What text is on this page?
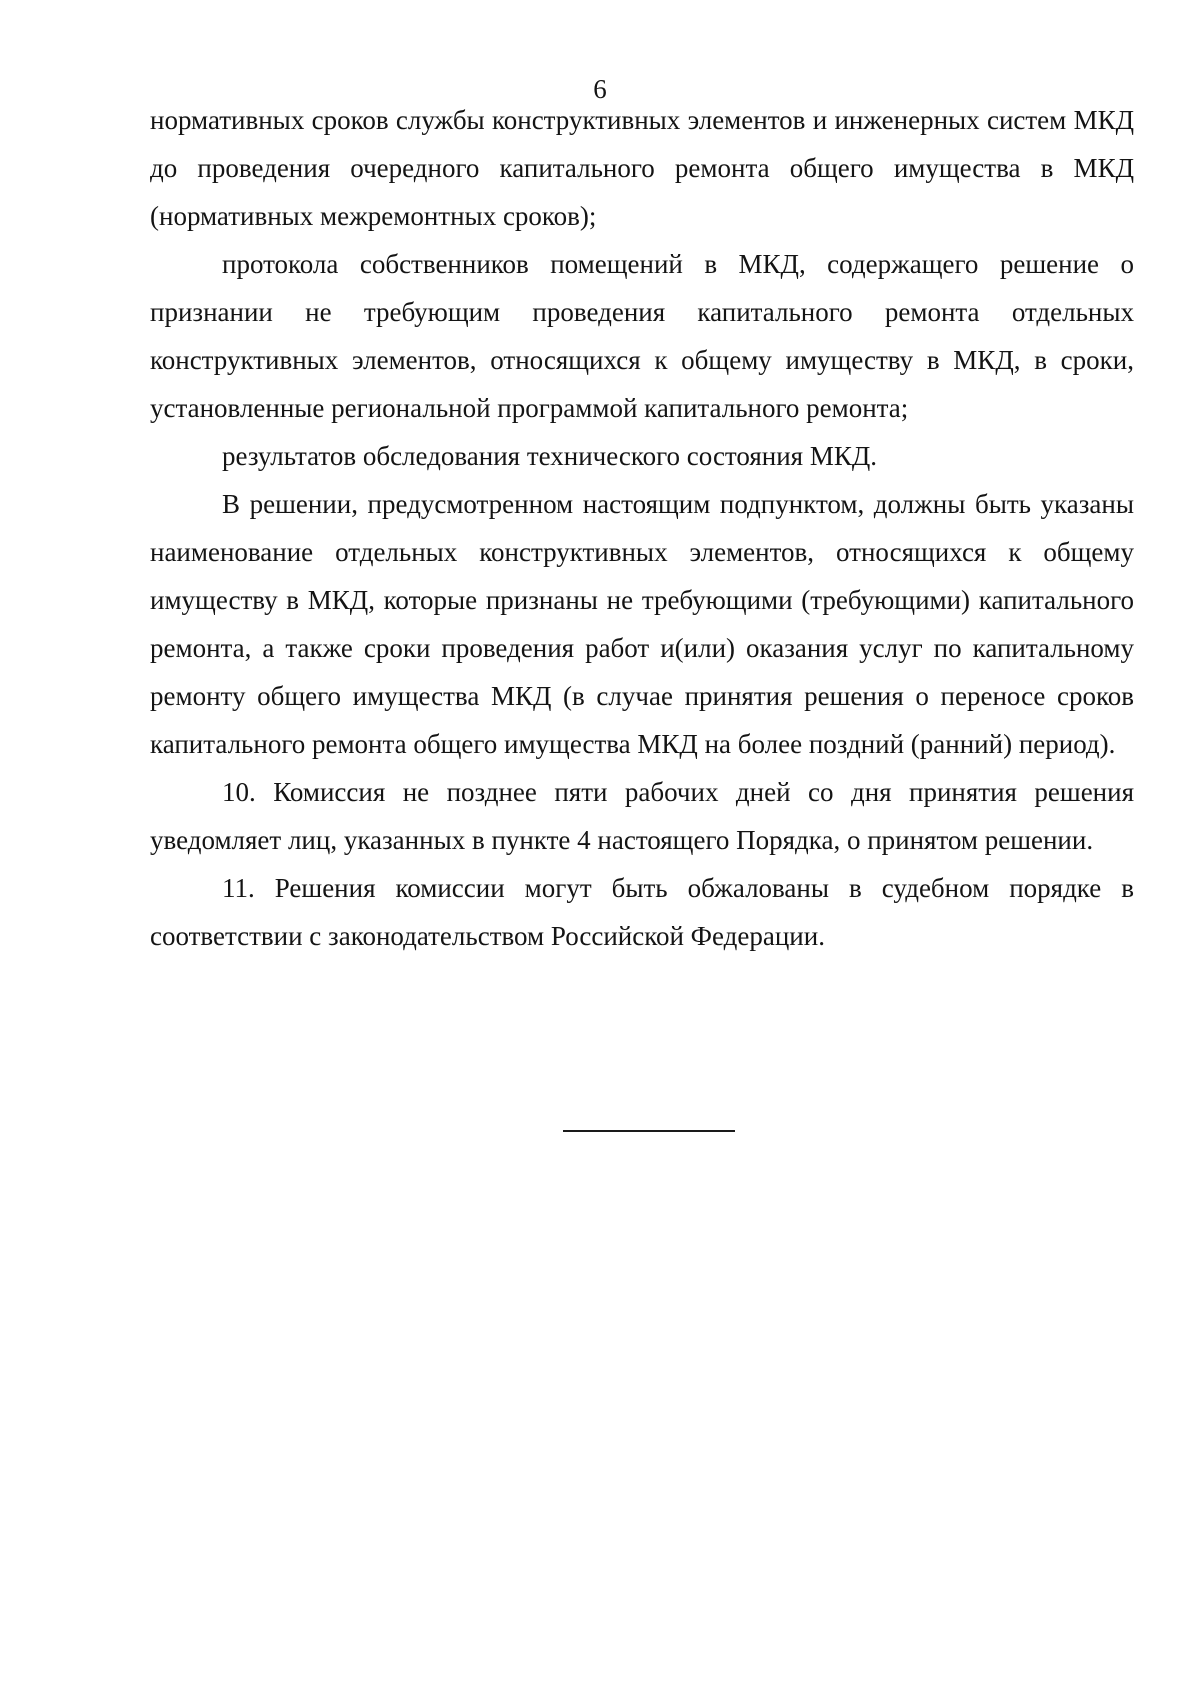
6

нормативных сроков службы конструктивных элементов и инженерных систем МКД до проведения очередного капитального ремонта общего имущества в МКД (нормативных межремонтных сроков);

протокола собственников помещений в МКД, содержащего решение о признании не требующим проведения капитального ремонта отдельных конструктивных элементов, относящихся к общему имуществу в МКД, в сроки, установленные региональной программой капитального ремонта;

результатов обследования технического состояния МКД.

В решении, предусмотренном настоящим подпунктом, должны быть указаны наименование отдельных конструктивных элементов, относящихся к общему имуществу в МКД, которые признаны не требующими (требующими) капитального ремонта, а также сроки проведения работ и(или) оказания услуг по капитальному ремонту общего имущества МКД (в случае принятия решения о переносе сроков капитального ремонта общего имущества МКД на более поздний (ранний) период).

10. Комиссия не позднее пяти рабочих дней со дня принятия решения уведомляет лиц, указанных в пункте 4 настоящего Порядка, о принятом решении.

11. Решения комиссии могут быть обжалованы в судебном порядке в соответствии с законодательством Российской Федерации.
